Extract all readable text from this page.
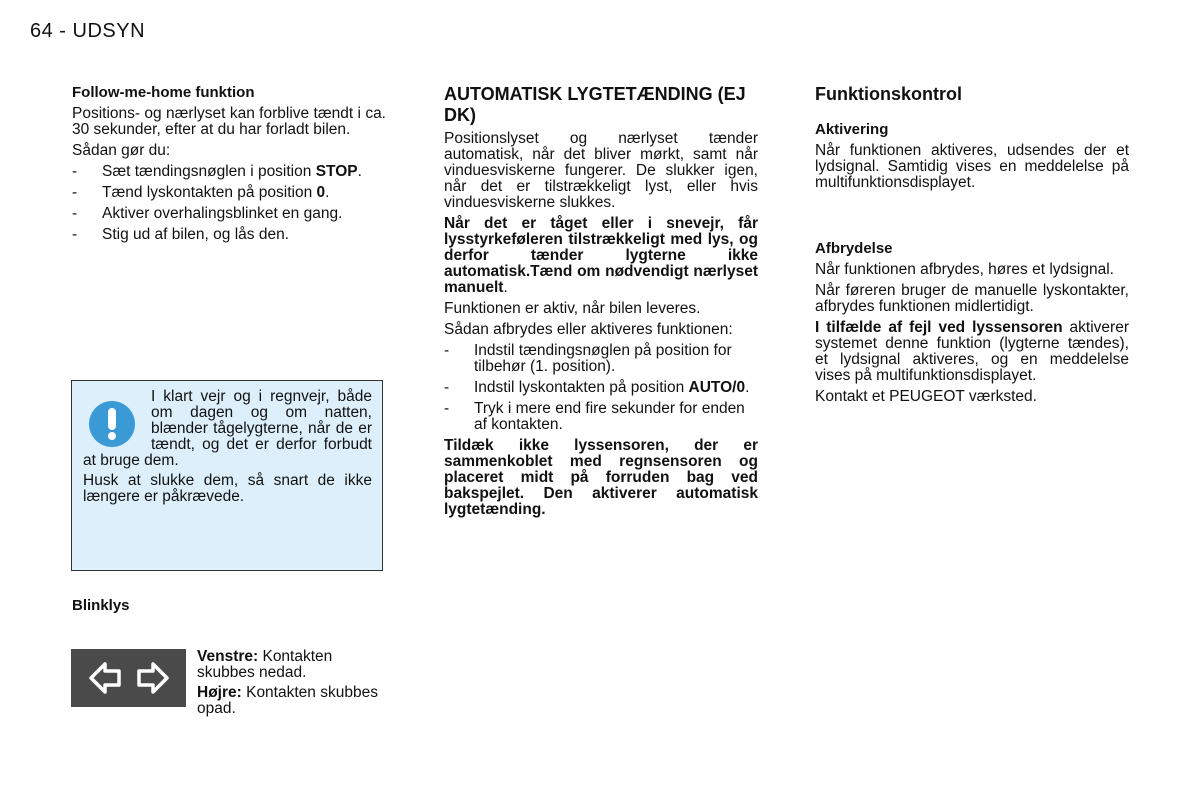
64 - UDSYN

Follow-me-home funktion

Positions- og nærlyset kan forblive tændt i ca. 30 sekunder, efter at du har forladt bilen.

Sådan gør du:

- Sæt tændingsnøglen i position STOP.
- Tænd lyskontakten på position 0.
- Aktiver overhalingsblinket en gang.
- Stig ud af bilen, og lås den.

I klart vejr og i regnvejr, både om dagen og om natten, blænder tågelygterne, når de er tændt, og det er derfor forbudt at bruge dem.

Husk at slukke dem, så snart de ikke længere er påkrævede.

Blinklys

Venstre: Kontakten skubbes nedad.

Højre: Kontakten skubbes opad.

AUTOMATISK LYGTETÆNDING (EJ DK)

Positionslyset og nærlyset tænder automatisk, når det bliver mørkt, samt når vinduesviskerne fungerer. De slukker igen, når det er tilstrækkeligt lyst, eller hvis vinduesviskerne slukkes.

Når det er tåget eller i snevejr, får lysstyrkeføleren tilstrækkeligt med lys, og derfor tænder lygterne ikke automatisk.Tænd om nødvendigt nærlyset manuelt.

Funktionen er aktiv, når bilen leveres.

Sådan afbrydes eller aktiveres funktionen:

- Indstil tændingsnøglen på position for tilbehør (1. position).
- Indstil lyskontakten på position AUTO/0.
- Tryk i mere end fire sekunder for enden af kontakten.

Tildæk ikke lyssensoren, der er sammenkoblet med regnsensoren og placeret midt på forruden bag ved bakspejlet. Den aktiverer automatisk lygtetænding.

Funktionskontrol

Aktivering

Når funktionen aktiveres, udsendes der et lydsignal. Samtidig vises en meddelelse på multifunktionsdisplayet.

Afbrydelse

Når funktionen afbrydes, høres et lydsignal.

Når føreren bruger de manuelle lyskontakter, afbrydes funktionen midlertidigt.

I tilfælde af fejl ved lyssensoren aktiverer systemet denne funktion (lygterne tændes), et lydsignal aktiveres, og en meddelelse vises på multifunktionsdisplayet.

Kontakt et PEUGEOT værksted.
